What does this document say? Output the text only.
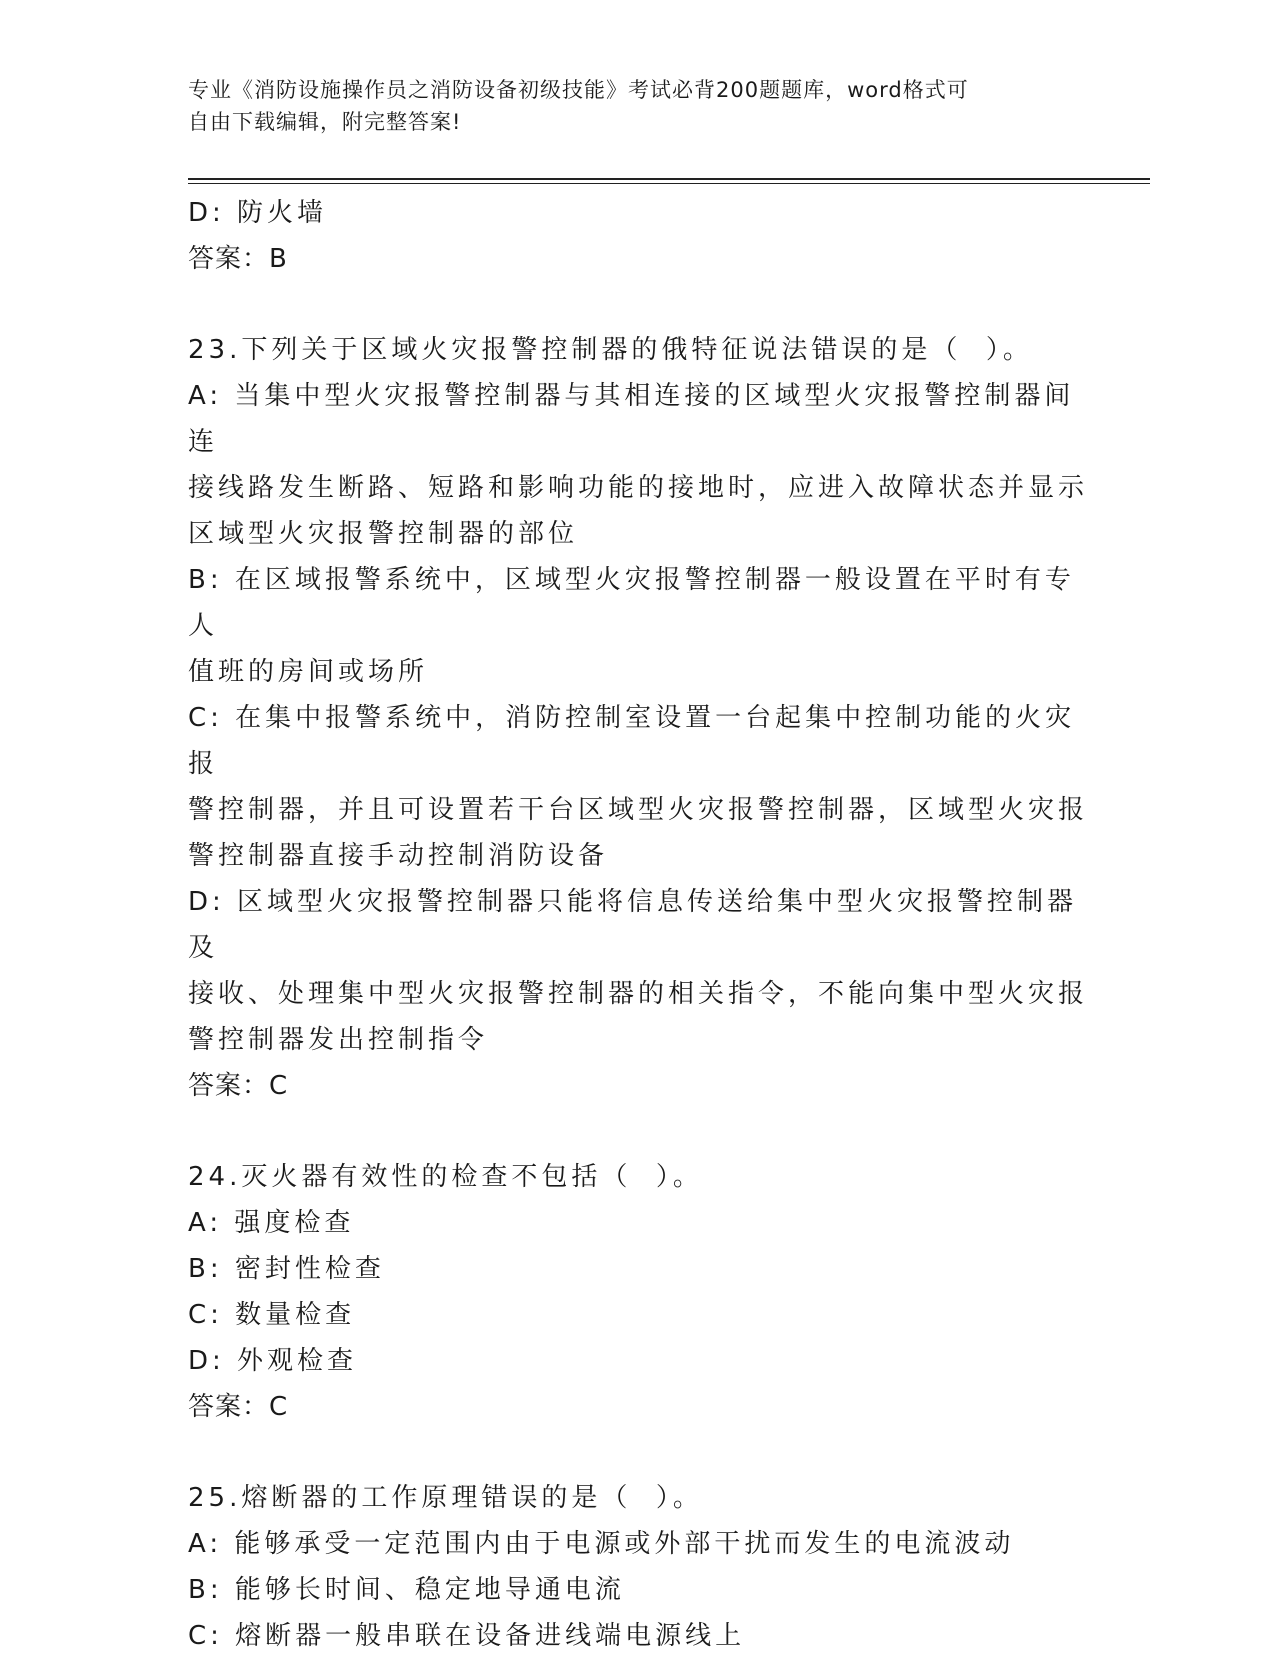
专业《消防设施操作员之消防设备初级技能》考试必背200题题库，word格式可
自由下载编辑，附完整答案!

D: 防火墙

答案：B

23.下列关于区域火灾报警控制器的俄特征说法错误的是（  ）。

A: 当集中型火灾报警控制器与其相连接的区域型火灾报警控制器间连

接线路发生断路、短路和影响功能的接地时，应进入故障状态并显示

区域型火灾报警控制器的部位

B: 在区域报警系统中，区域型火灾报警控制器一般设置在平时有专人

值班的房间或场所

C: 在集中报警系统中，消防控制室设置一台起集中控制功能的火灾报

警控制器，并且可设置若干台区域型火灾报警控制器，区域型火灾报

警控制器直接手动控制消防设备

D: 区域型火灾报警控制器只能将信息传送给集中型火灾报警控制器及

接收、处理集中型火灾报警控制器的相关指令，不能向集中型火灾报

警控制器发出控制指令

答案：C

24.灭火器有效性的检查不包括（  ）。

A: 强度检查

B: 密封性检查

C: 数量检查

D: 外观检查

答案：C

25.熔断器的工作原理错误的是（  ）。

A: 能够承受一定范围内由于电源或外部干扰而发生的电流波动

B: 能够长时间、稳定地导通电流

C: 熔断器一般串联在设备进线端电源线上
